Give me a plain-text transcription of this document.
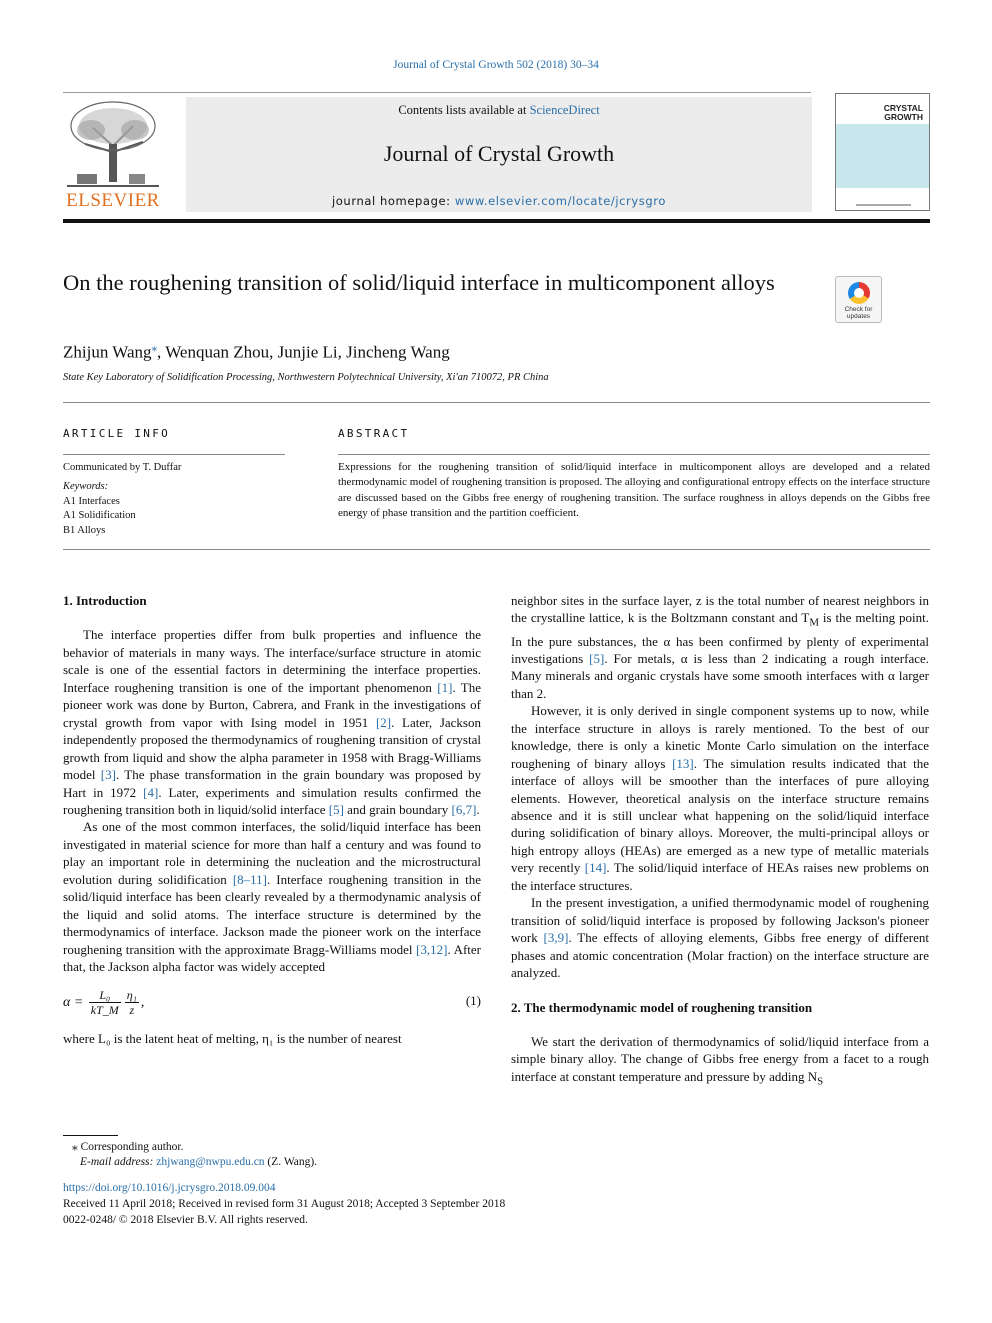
Journal of Crystal Growth 502 (2018) 30–34
ELSEVIER
Contents lists available at ScienceDirect
Journal of Crystal Growth
journal homepage: www.elsevier.com/locate/jcrysgro
CRYSTAL
GROWTH
On the roughening transition of solid/liquid interface in multicomponent alloys
Check for
updates
Zhijun Wang⁎, Wenquan Zhou, Junjie Li, Jincheng Wang
State Key Laboratory of Solidification Processing, Northwestern Polytechnical University, Xi'an 710072, PR China
ARTICLE INFO
Communicated by T. Duffar
Keywords:
A1 Interfaces
A1 Solidification
B1 Alloys
ABSTRACT
Expressions for the roughening transition of solid/liquid interface in multicomponent alloys are developed and a related thermodynamic model of roughening transition is proposed. The alloying and configurational entropy effects on the interface structure are discussed based on the Gibbs free energy of roughening transition. The surface roughness in alloys depends on the Gibbs free energy of phase transition and the partition coefficient.

1. Introduction

The interface properties differ from bulk properties and influence the behavior of materials in many ways. The interface/surface structure in atomic scale is one of the essential factors in determining the interface properties. Interface roughening transition is one of the important phenomenon [1]. The pioneer work was done by Burton, Cabrera, and Frank in the investigations of crystal growth from vapor with Ising model in 1951 [2]. Later, Jackson independently proposed the thermodynamics of roughening transition of crystal growth from liquid and show the alpha parameter in 1958 with Bragg-Williams model [3]. The phase transformation in the grain boundary was proposed by Hart in 1972 [4]. Later, experiments and simulation results confirmed the roughening transition both in liquid/solid interface [5] and grain boundary [6,7].

As one of the most common interfaces, the solid/liquid interface has been investigated in material science for more than half a century and was found to play an important role in determining the nucleation and the microstructural evolution during solidification [8–11]. Interface roughening transition in the solid/liquid interface has been clearly revealed by a thermodynamic analysis of the liquid and solid atoms. The interface structure is determined by the thermodynamics of interface. Jackson made the pioneer work on the interface roughening transition with the approximate Bragg-Williams model [3,12]. After that, the Jackson alpha factor was widely accepted

$\alpha = \frac{\text{L₀}}{kT\_M} \frac{\text{η₁}}{z}$ ,	(1)

where L₀ is the latent heat of melting, η₁ is the number of nearest

neighbor sites in the surface layer, z is the total number of nearest neighbors in the crystalline lattice, k is the Boltzmann constant and $T_M$ is the melting point. In the pure substances, the α has been confirmed by plenty of experimental investigations [5]. For metals, α is less than 2 indicating a rough interface. Many minerals and organic crystals have some smooth interfaces with α larger than 2.

However, it is only derived in single component systems up to now, while the interface structure in alloys is rarely mentioned. To the best of our knowledge, there is only a kinetic Monte Carlo simulation on the interface roughening of binary alloys [13]. The simulation results indicated that the interface of alloys will be smoother than the interfaces of pure alloying elements. However, theoretical analysis on the interface structure remains absence and it is still unclear what happening on the solid/liquid interface during solidification of binary alloys. Moreover, the multi-principal alloys or high entropy alloys (HEAs) are emerged as a new type of metallic materials very recently [14]. The solid/liquid interface of HEAs raises new problems on the interface structures.

In the present investigation, a unified thermodynamic model of roughening transition of solid/liquid interface is proposed by following Jackson's pioneer work [3,9]. The effects of alloying elements, Gibbs free energy of different phases and atomic concentration (Molar fraction) on the interface structure are analyzed.

2. The thermodynamic model of roughening transition

We start the derivation of thermodynamics of solid/liquid interface from a simple binary alloy. The change of Gibbs free energy from a facet to a rough interface at constant temperature and pressure by adding $N_S$

⁎ Corresponding author.
E-mail address: zhjwang@nwpu.edu.cn (Z. Wang).
https://doi.org/10.1016/j.jcrysgro.2018.09.004
Received 11 April 2018; Received in revised form 31 August 2018; Accepted 3 September 2018
0022-0248/ © 2018 Elsevier B.V. All rights reserved.
